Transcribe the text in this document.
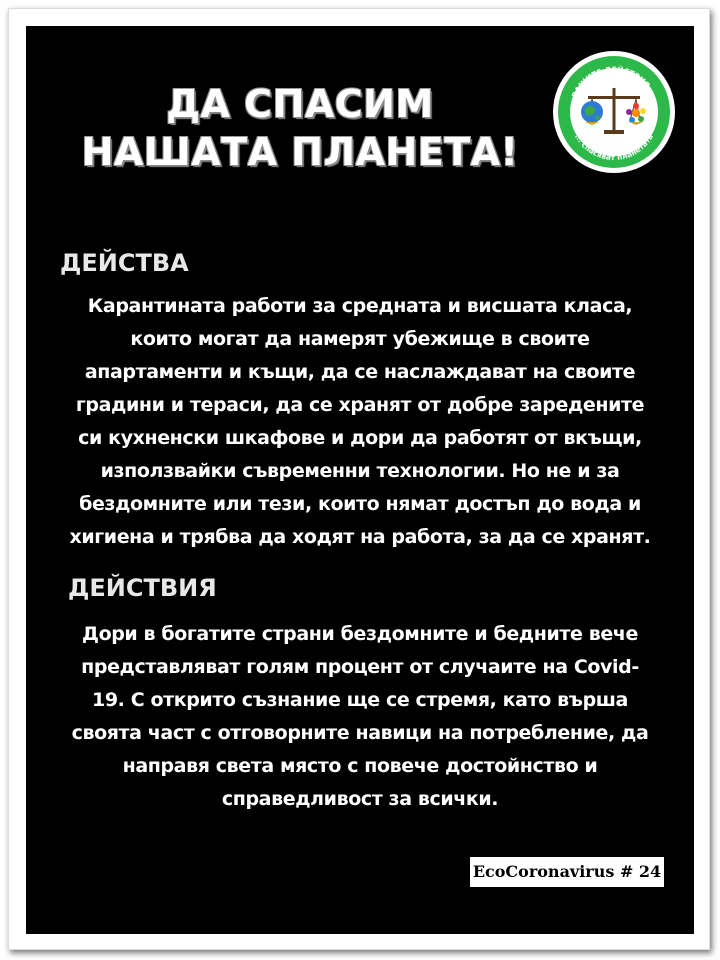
ДА СПАСИМ
НАШАТА ПЛАНЕТА!
ВАШИТЕ ДЕЙСТВИЯ ...
... спасяват планетата
ДЕЙСТВА
Карантината работи за средната и висшата класа,
които могат да намерят убежище в своите
апартаменти и къщи, да се наслаждават на своите
градини и тераси, да се хранят от добре заредените
си кухненски шкафове и дори да работят от вкъщи,
използвайки съвременни технологии. Но не и за
бездомните или тези, които нямат достъп до вода и
хигиена и трябва да ходят на работа, за да се хранят.
ДЕЙСТВИЯ
Дори в богатите страни бездомните и бедните вече
представляват голям процент от случаите на Covid-
19. С открито съзнание ще се стремя, като върша
своята част с отговорните навици на потребление, да
направя света място с повече достойнство и
справедливост за всички.
EcoCoronavirus # 24
